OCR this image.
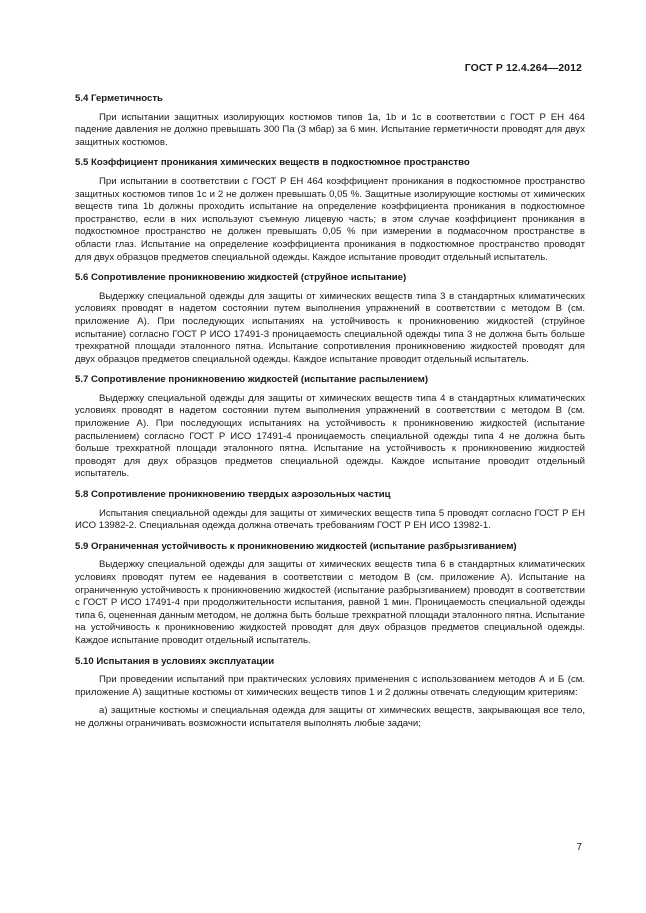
ГОСТ Р 12.4.264—2012
5.4 Герметичность

При испытании защитных изолирующих костюмов типов 1a, 1b и 1c в соответствии с ГОСТ Р ЕН 464 падение давления не должно превышать 300 Па (3 мбар) за 6 мин. Испытание герметичности проводят для двух защитных костюмов.

5.5 Коэффициент проникания химических веществ в подкостюмное пространство

При испытании в соответствии с ГОСТ Р ЕН 464 коэффициент проникания в подкостюмное пространство защитных костюмов типов 1c и 2 не должен превышать 0,05 %. Защитные изолирующие костюмы от химических веществ типа 1b должны проходить испытание на определение коэффициента проникания в подкостюмное пространство, если в них используют съемную лицевую часть; в этом случае коэффициент проникания в подкостюмное пространство не должен превышать 0,05 % при измерении в подмасочном пространстве в области глаз. Испытание на определение коэффициента проникания в подкостюмное пространство проводят для двух образцов предметов специальной одежды. Каждое испытание проводит отдельный испытатель.

5.6 Сопротивление проникновению жидкостей (струйное испытание)

Выдержку специальной одежды для защиты от химических веществ типа 3 в стандартных климатических условиях проводят в надетом состоянии путем выполнения упражнений в соответствии с методом В (см. приложение А). При последующих испытаниях на устойчивость к проникновению жидкостей (струйное испытание) согласно ГОСТ Р ИСО 17491-3 проницаемость специальной одежды типа 3 не должна быть больше трехкратной площади эталонного пятна. Испытание сопротивления проникновению жидкостей проводят для двух образцов предметов специальной одежды. Каждое испытание проводит отдельный испытатель.

5.7 Сопротивление проникновению жидкостей (испытание распылением)

Выдержку специальной одежды для защиты от химических веществ типа 4 в стандартных климатических условиях проводят в надетом состоянии путем выполнения упражнений в соответствии с методом В (см. приложение А). При последующих испытаниях на устойчивость к проникновению жидкостей (испытание распылением) согласно ГОСТ Р ИСО 17491-4 проницаемость специальной одежды типа 4 не должна быть больше трехкратной площади эталонного пятна. Испытание на устойчивость к проникновению жидкостей проводят для двух образцов предметов специальной одежды. Каждое испытание проводит отдельный испытатель.

5.8 Сопротивление проникновению твердых аэрозольных частиц

Испытания специальной одежды для защиты от химических веществ типа 5 проводят согласно ГОСТ Р ЕН ИСО 13982-2. Специальная одежда должна отвечать требованиям ГОСТ Р ЕН ИСО 13982-1.

5.9 Ограниченная устойчивость к проникновению жидкостей (испытание разбрызгиванием)

Выдержку специальной одежды для защиты от химических веществ типа 6 в стандартных климатических условиях проводят путем ее надевания в соответствии с методом В (см. приложение А). Испытание на ограниченную устойчивость к проникновению жидкостей (испытание разбрызгиванием) проводят в соответствии с ГОСТ Р ИСО 17491-4 при продолжительности испытания, равной 1 мин. Проницаемость специальной одежды типа 6, оцененная данным методом, не должна быть больше трехкратной площади эталонного пятна. Испытание на устойчивость к проникновению жидкостей проводят для двух образцов предметов специальной одежды. Каждое испытание проводит отдельный испытатель.

5.10 Испытания в условиях эксплуатации

При проведении испытаний при практических условиях применения с использованием методов А и Б (см. приложение А) защитные костюмы от химических веществ типов 1 и 2 должны отвечать следующим критериям:

а) защитные костюмы и специальная одежда для защиты от химических веществ, закрывающая все тело, не должны ограничивать возможности испытателя выполнять любые задачи;

7
